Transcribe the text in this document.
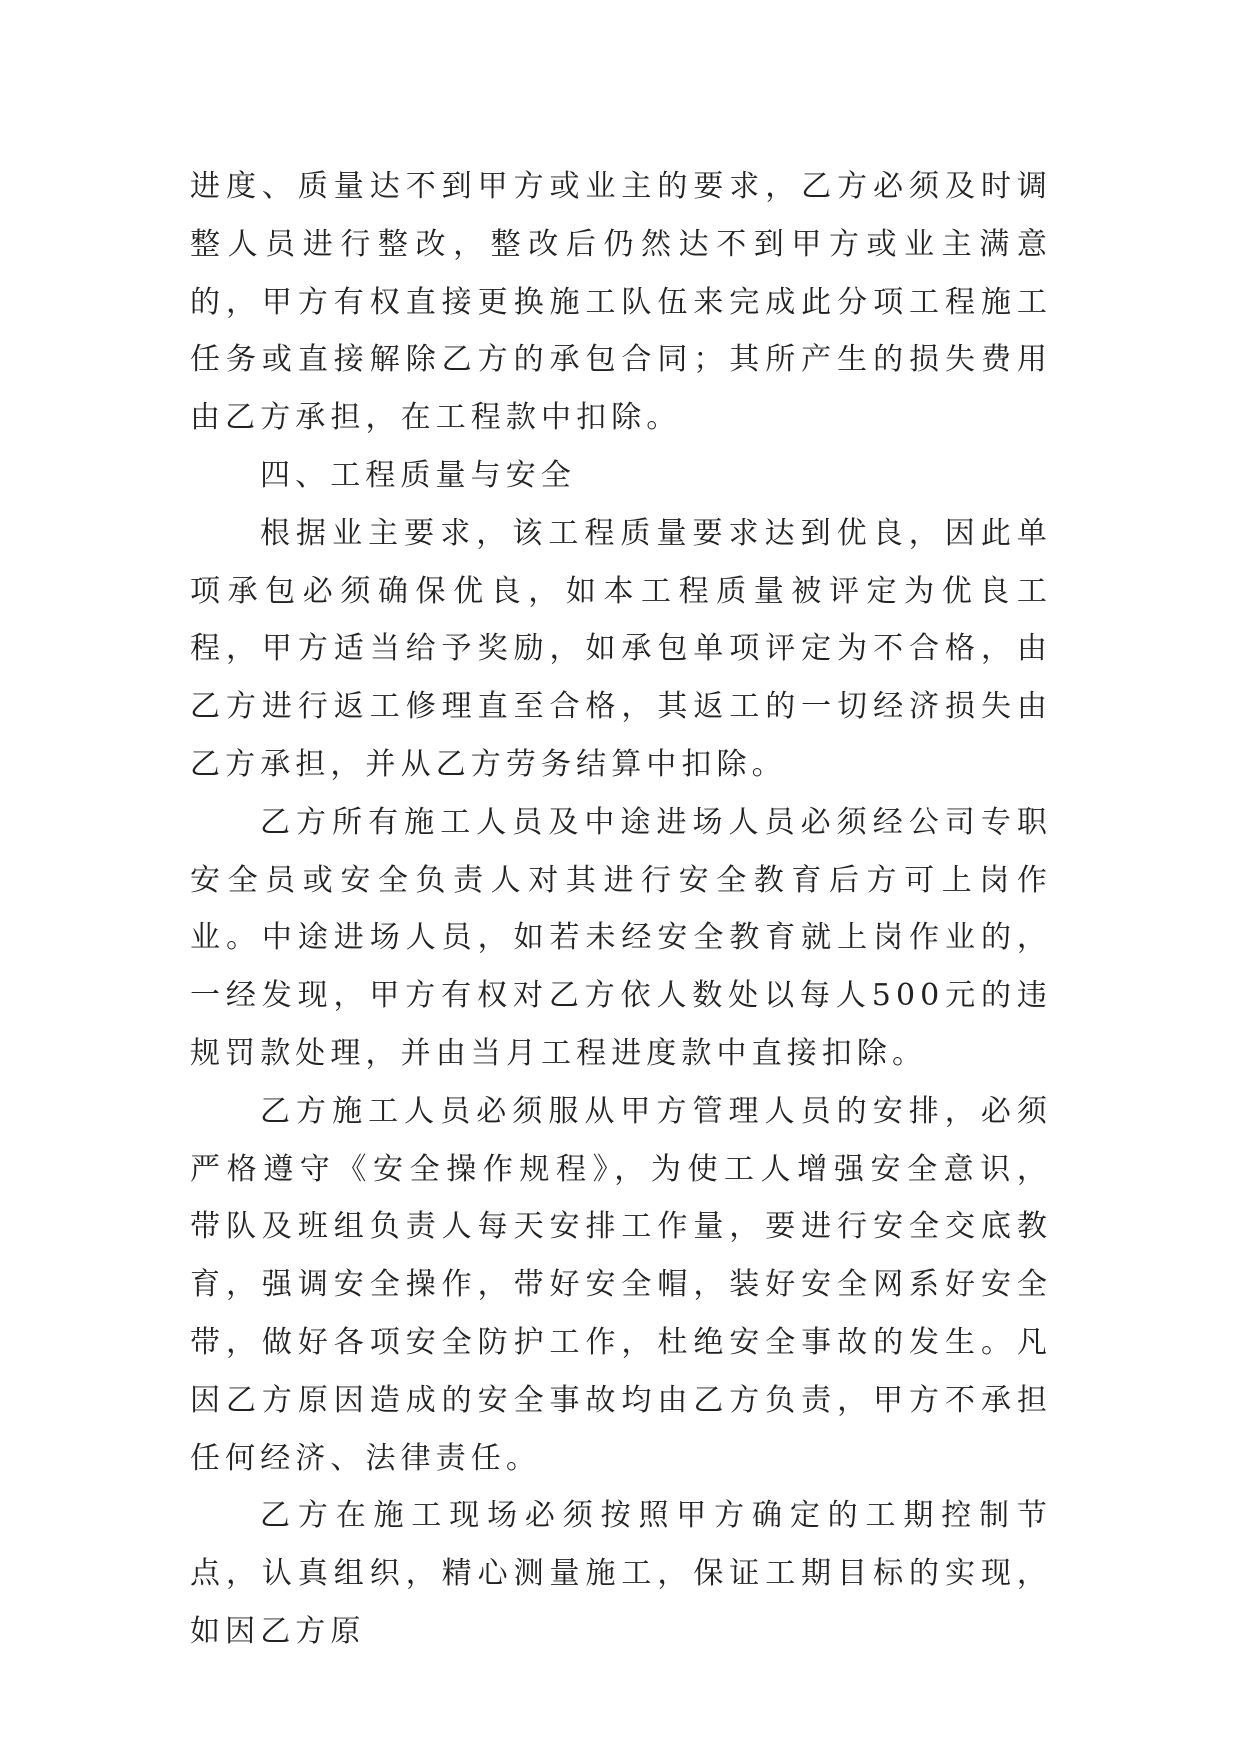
进度、质量达不到甲方或业主的要求，乙方必须及时调整人员进行整改，整改后仍然达不到甲方或业主满意的，甲方有权直接更换施工队伍来完成此分项工程施工任务或直接解除乙方的承包合同；其所产生的损失费用由乙方承担，在工程款中扣除。

四、工程质量与安全

根据业主要求，该工程质量要求达到优良，因此单项承包必须确保优良，如本工程质量被评定为优良工程，甲方适当给予奖励，如承包单项评定为不合格，由乙方进行返工修理直至合格，其返工的一切经济损失由乙方承担，并从乙方劳务结算中扣除。

乙方所有施工人员及中途进场人员必须经公司专职安全员或安全负责人对其进行安全教育后方可上岗作业。中途进场人员，如若未经安全教育就上岗作业的，一经发现，甲方有权对乙方依人数处以每人500元的违规罚款处理，并由当月工程进度款中直接扣除。

乙方施工人员必须服从甲方管理人员的安排，必须严格遵守《安全操作规程》，为使工人增强安全意识，带队及班组负责人每天安排工作量，要进行安全交底教育，强调安全操作，带好安全帽，装好安全网系好安全带，做好各项安全防护工作，杜绝安全事故的发生。凡因乙方原因造成的安全事故均由乙方负责，甲方不承担任何经济、法律责任。

乙方在施工现场必须按照甲方确定的工期控制节点，认真组织，精心测量施工，保证工期目标的实现，如因乙方原
